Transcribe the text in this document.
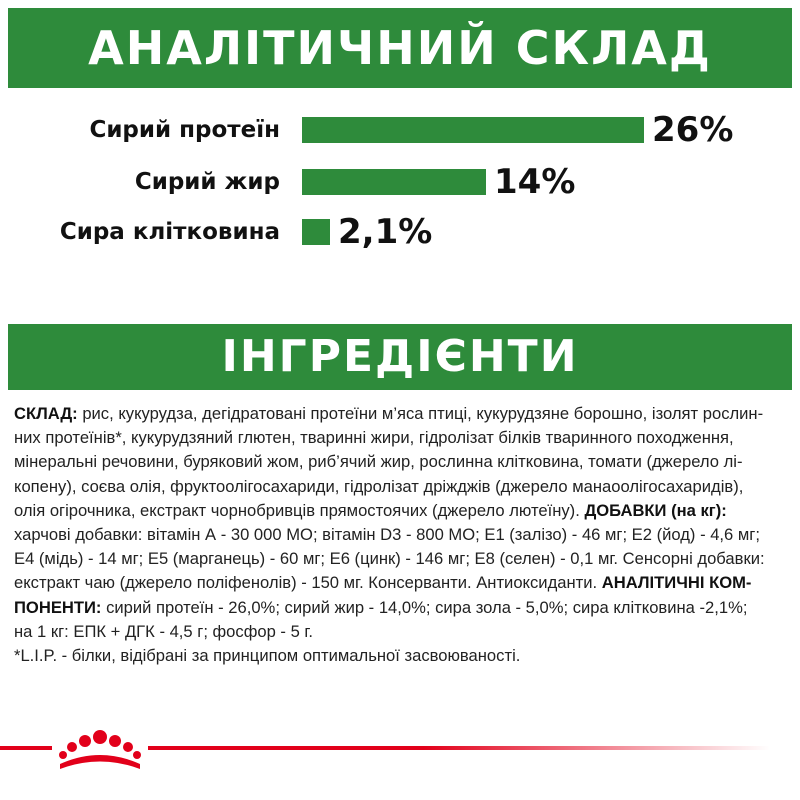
АНАЛІТИЧНИЙ СКЛАД
Сирий протеїн	26%
Сирий жир	14%
Сира клітковина 2,1%
ІНГРЕДІЄНТИ
СКЛАД: рис, кукурудза, дегідратовані протеїни м’яса птиці, кукурудзяне борошно, ізолят рослин-
них протеїнів*, кукурудзяний глютен, тваринні жири, гідролізат білків тваринного походження,
мінеральні речовини, буряковий жом, риб’ячий жир, рослинна клітковина, томати (джерело лі-
копену), соєва олія, фруктоолігосахариди, гідролізат дріжджів (джерело манаоолігосахаридів),
олія огірочника, екстракт чорнобривців прямостоячих (джерело лютеїну). ДОБАВКИ (на кг):
харчові добавки: вітамін А - 30 000 МО; вітамін D3 - 800 МО; Е1 (залізо) - 46 мг; Е2 (йод) - 4,6 мг;
Е4 (мідь) - 14 мг; Е5 (марганець) - 60 мг; Е6 (цинк) - 146 мг; Е8 (селен) - 0,1 мг. Сенсорні добавки:
екстракт чаю (джерело поліфенолів) - 150 мг. Консерванти. Антиоксиданти. АНАЛІТИЧНІ КОМ-
ПОНЕНТИ: сирий протеїн - 26,0%; сирий жир - 14,0%; сира зола - 5,0%; сира клітковина -2,1%;
на 1 кг: ЕПК + ДГК - 4,5 г; фосфор - 5 г.
*L.I.P. - білки, відібрані за принципом оптимальної засвоюваності.
